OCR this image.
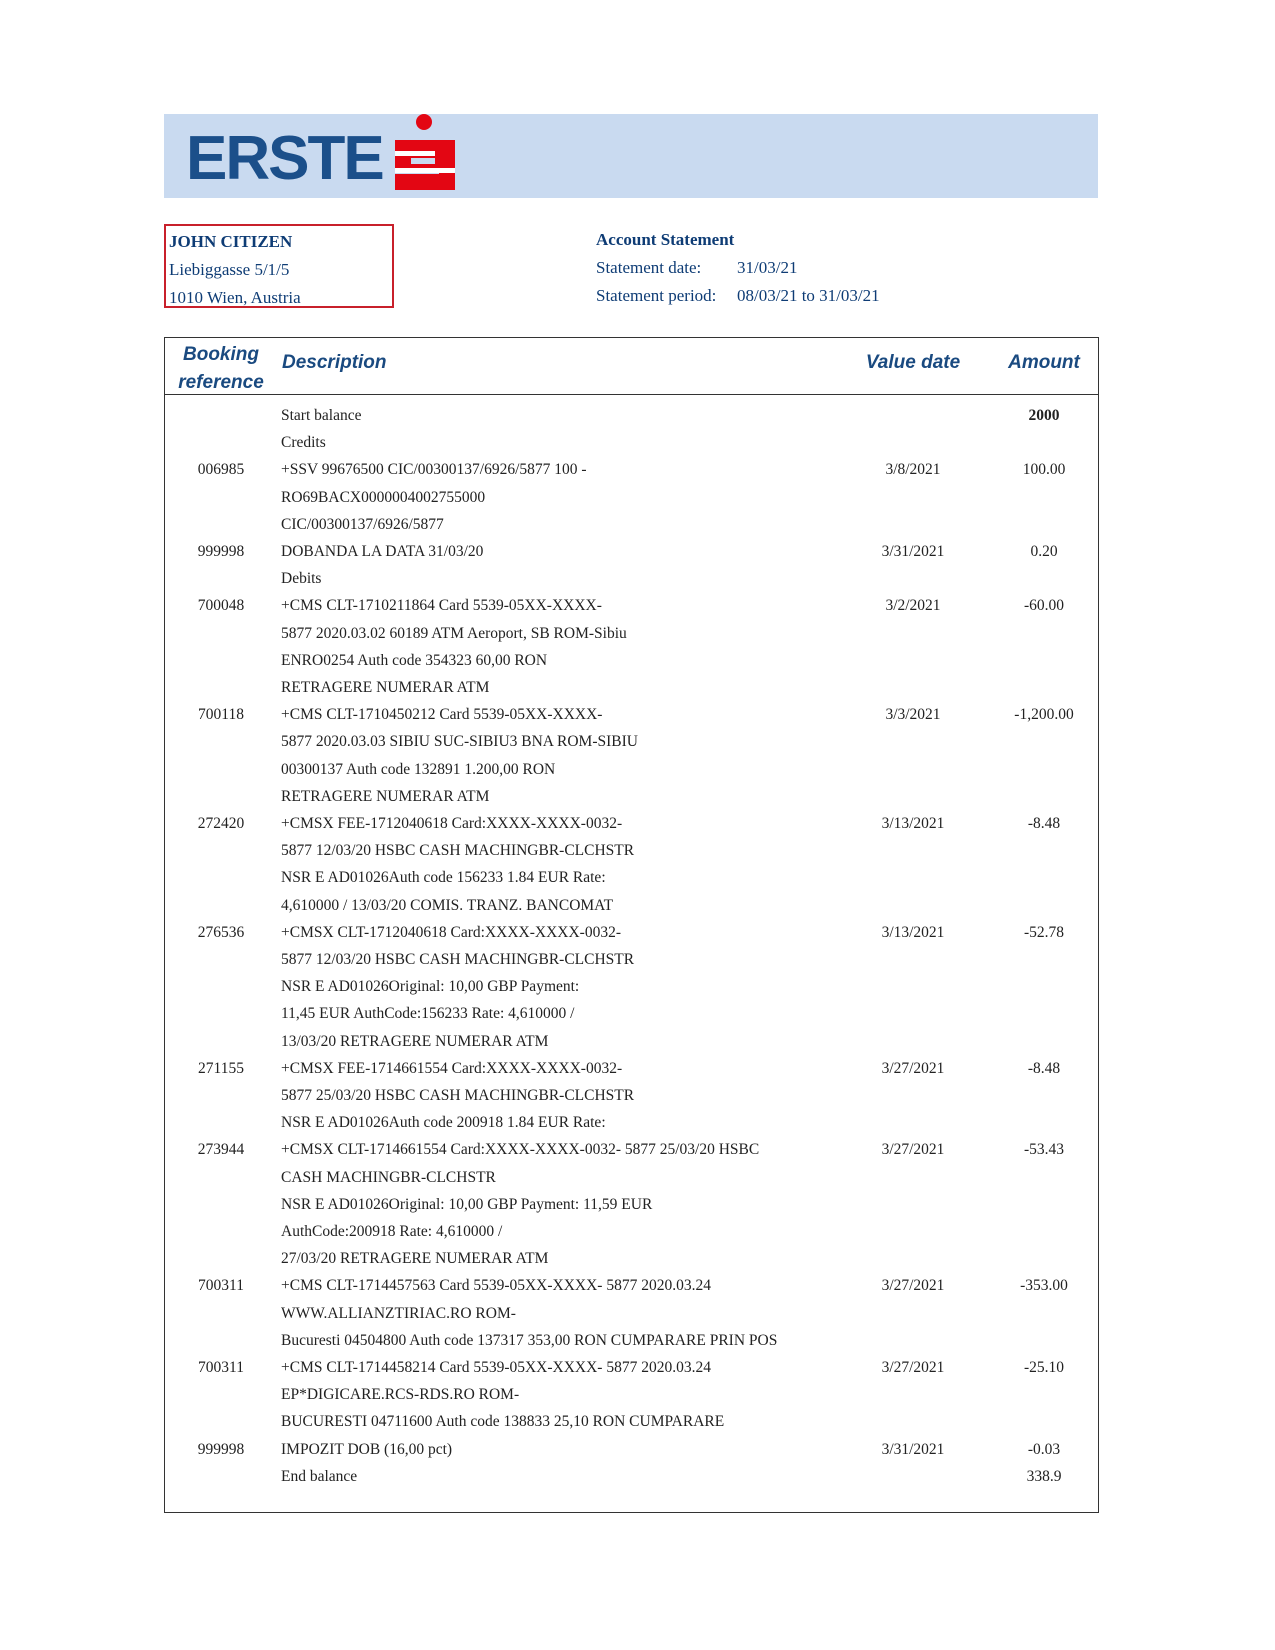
ERSTE
JOHN CITIZEN
Liebiggasse 5/1/5
1010 Wien, Austria
Account Statement
Statement date: 31/03/21
Statement period: 08/03/21 to 31/03/21
Booking
reference
Description	Value date	Amount
Start balance	2000
Credits
006985	+SSV 99676500 CIC/00300137/6926/5877 100 -	3/8/2021	100.00
RO69BACX0000004002755000
CIC/00300137/6926/5877
999998	DOBANDA LA DATA 31/03/20	3/31/2021	0.20
Debits
700048	+CMS CLT-1710211864 Card 5539-05XX-XXXX-	3/2/2021	-60.00
5877 2020.03.02 60189 ATM Aeroport, SB ROM-Sibiu
ENRO0254 Auth code 354323 60,00 RON
RETRAGERE NUMERAR ATM
700118	+CMS CLT-1710450212 Card 5539-05XX-XXXX-	3/3/2021	-1,200.00
5877 2020.03.03 SIBIU SUC-SIBIU3 BNA ROM-SIBIU
00300137 Auth code 132891 1.200,00 RON
RETRAGERE NUMERAR ATM
272420	+CMSX FEE-1712040618 Card:XXXX-XXXX-0032-	3/13/2021	-8.48
5877 12/03/20 HSBC CASH MACHINGBR-CLCHSTR
NSR E AD01026Auth code 156233 1.84 EUR Rate:
4,610000 / 13/03/20 COMIS. TRANZ. BANCOMAT
276536	+CMSX CLT-1712040618 Card:XXXX-XXXX-0032-	3/13/2021	-52.78
5877 12/03/20 HSBC CASH MACHINGBR-CLCHSTR
NSR E AD01026Original: 10,00 GBP Payment:
11,45 EUR AuthCode:156233 Rate: 4,610000 /
13/03/20 RETRAGERE NUMERAR ATM
271155	+CMSX FEE-1714661554 Card:XXXX-XXXX-0032-	3/27/2021	-8.48
5877 25/03/20 HSBC CASH MACHINGBR-CLCHSTR
NSR E AD01026Auth code 200918 1.84 EUR Rate:
273944	+CMSX CLT-1714661554 Card:XXXX-XXXX-0032- 5877 25/03/20 HSBC	3/27/2021	-53.43
CASH MACHINGBR-CLCHSTR
NSR E AD01026Original: 10,00 GBP Payment: 11,59 EUR
AuthCode:200918 Rate: 4,610000 /
27/03/20 RETRAGERE NUMERAR ATM
700311	+CMS CLT-1714457563 Card 5539-05XX-XXXX- 5877 2020.03.24	3/27/2021	-353.00
WWW.ALLIANZTIRIAC.RO ROM-
Bucuresti 04504800 Auth code 137317 353,00 RON CUMPARARE PRIN POS
700311	+CMS CLT-1714458214 Card 5539-05XX-XXXX- 5877 2020.03.24	3/27/2021	-25.10
EP*DIGICARE.RCS-RDS.RO ROM-
BUCURESTI 04711600 Auth code 138833 25,10 RON CUMPARARE
999998	IMPOZIT DOB (16,00 pct)	3/31/2021	-0.03
End balance	338.9
